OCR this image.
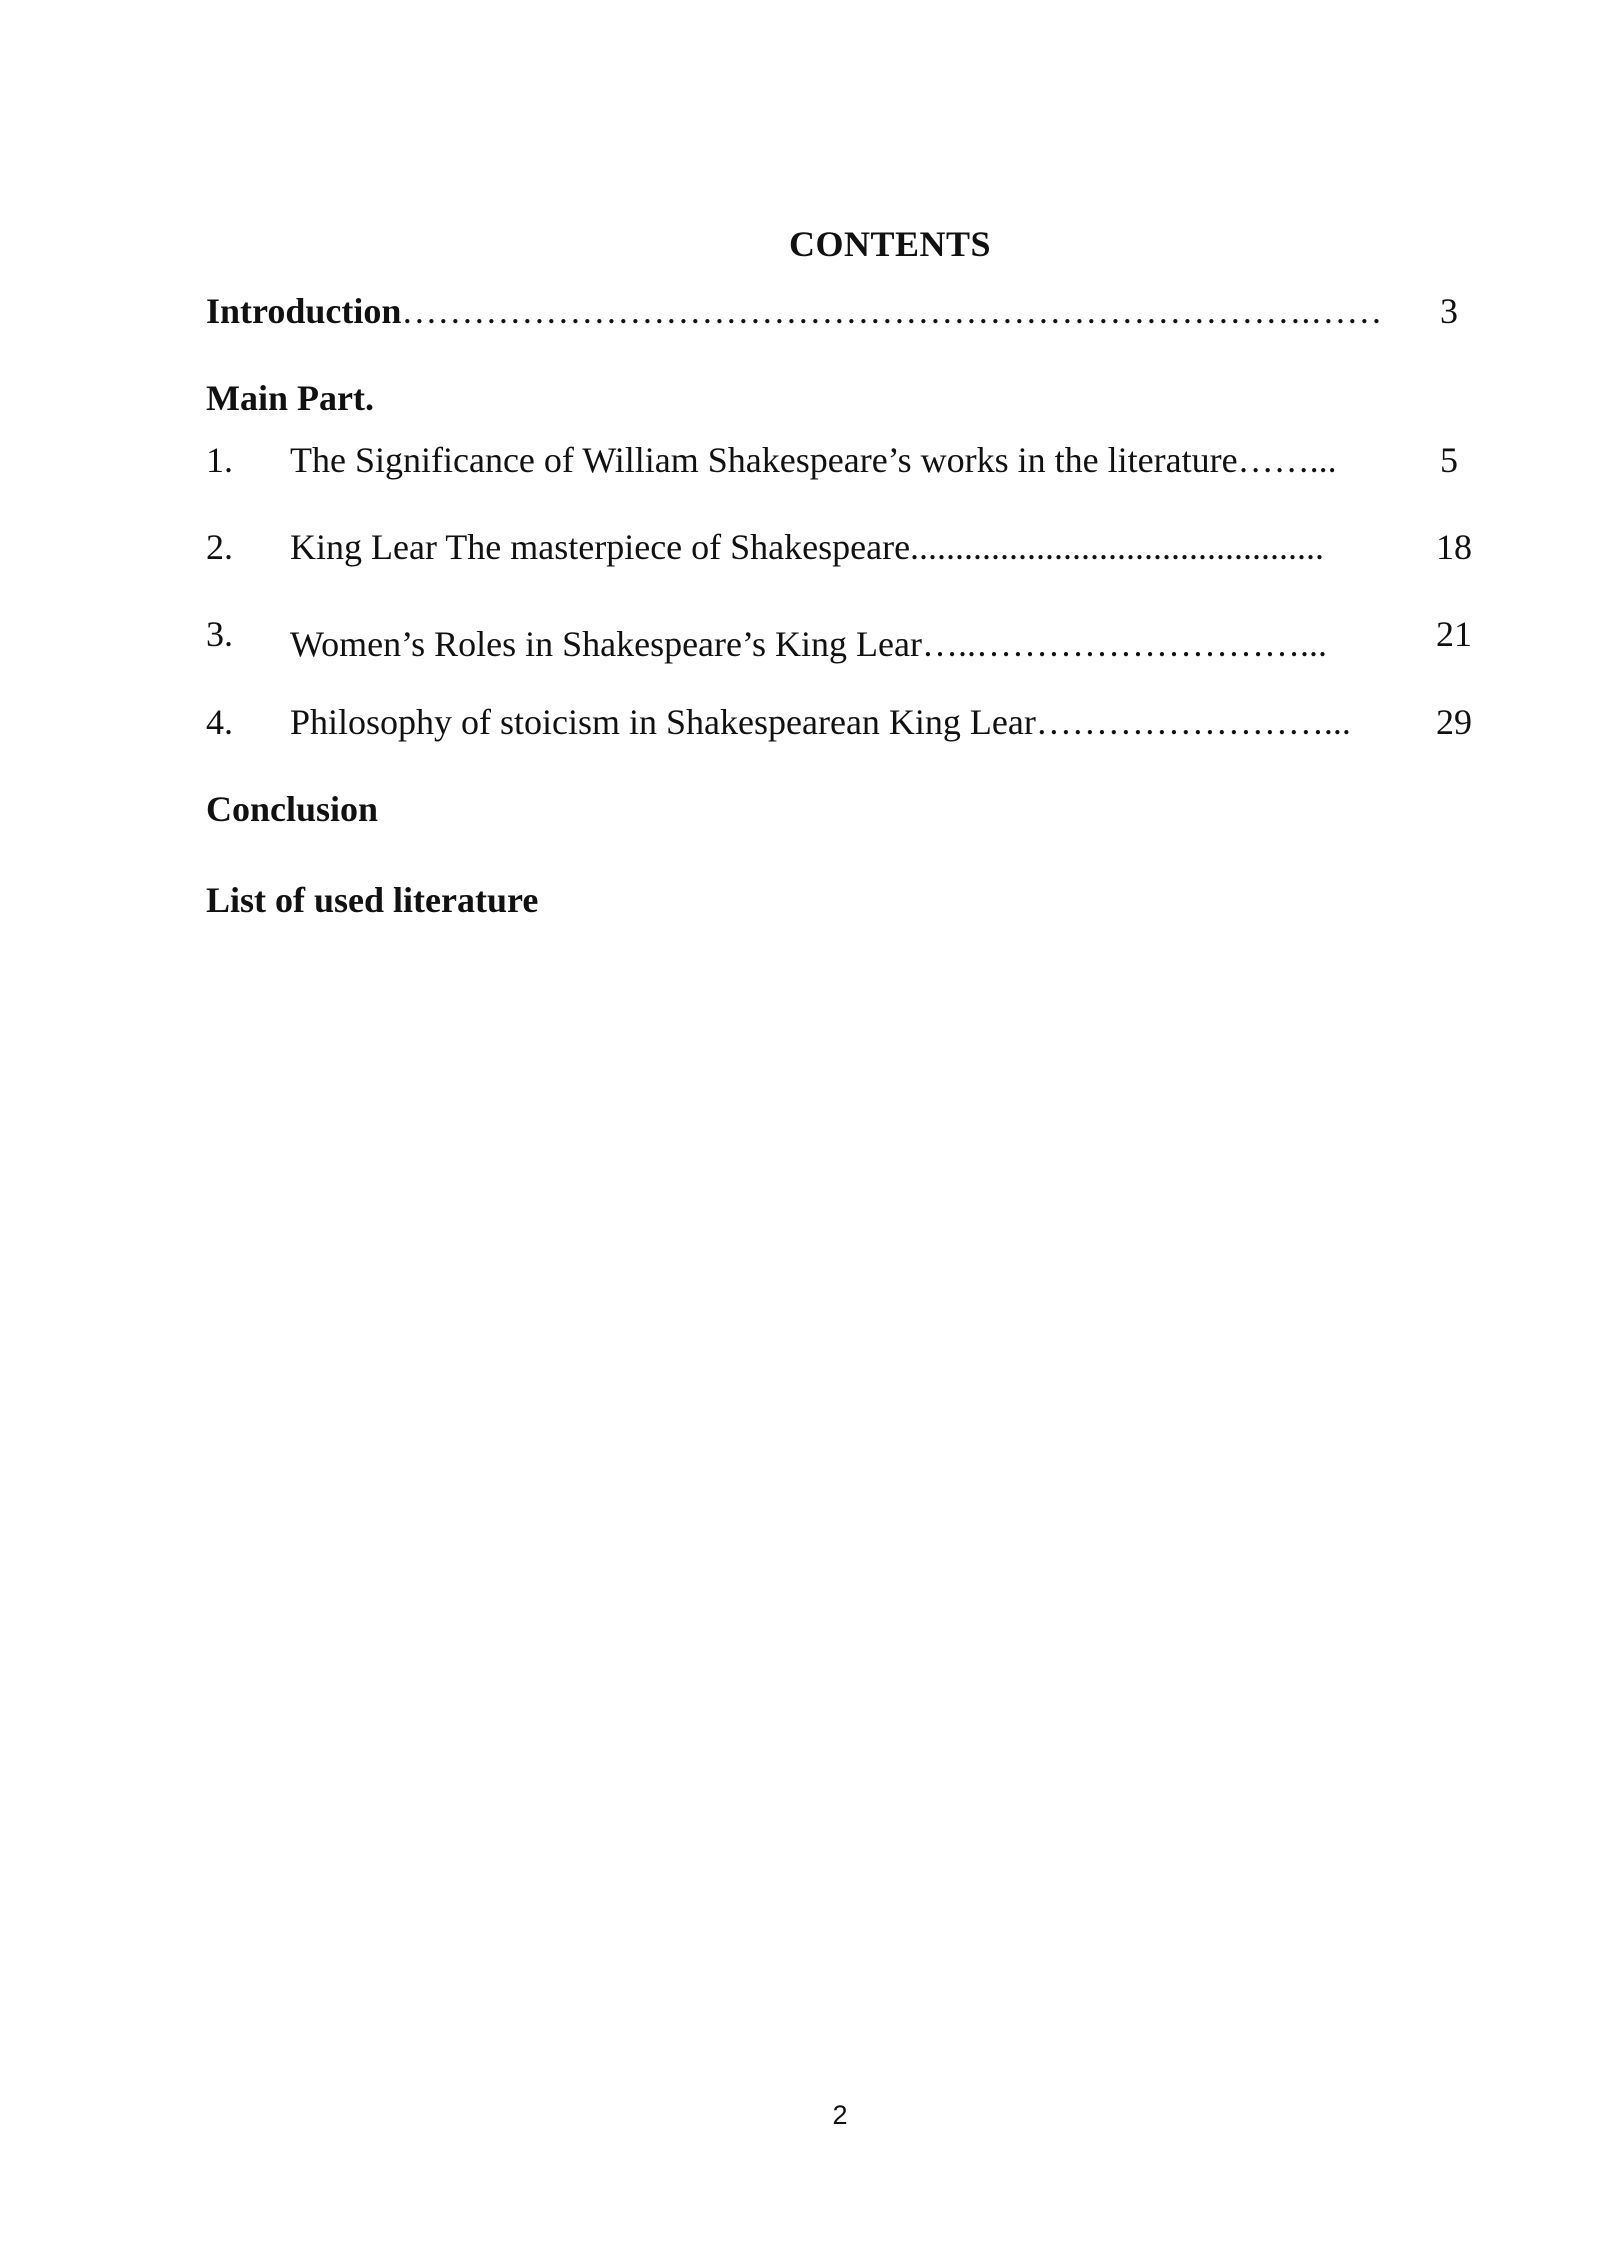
CONTENTS
Introduction………………………………………………………………….……	3
Main Part.
1. The Significance of William Shakespeare’s works in the literature……...	5
2. King Lear The masterpiece of Shakespeare..............................................	18
3. Women’s Roles in Shakespeare’s King Lear…..………………………...	21
4. Philosophy of stoicism in Shakespearean King Lear……………………...	29
Conclusion
List of used literature
2
